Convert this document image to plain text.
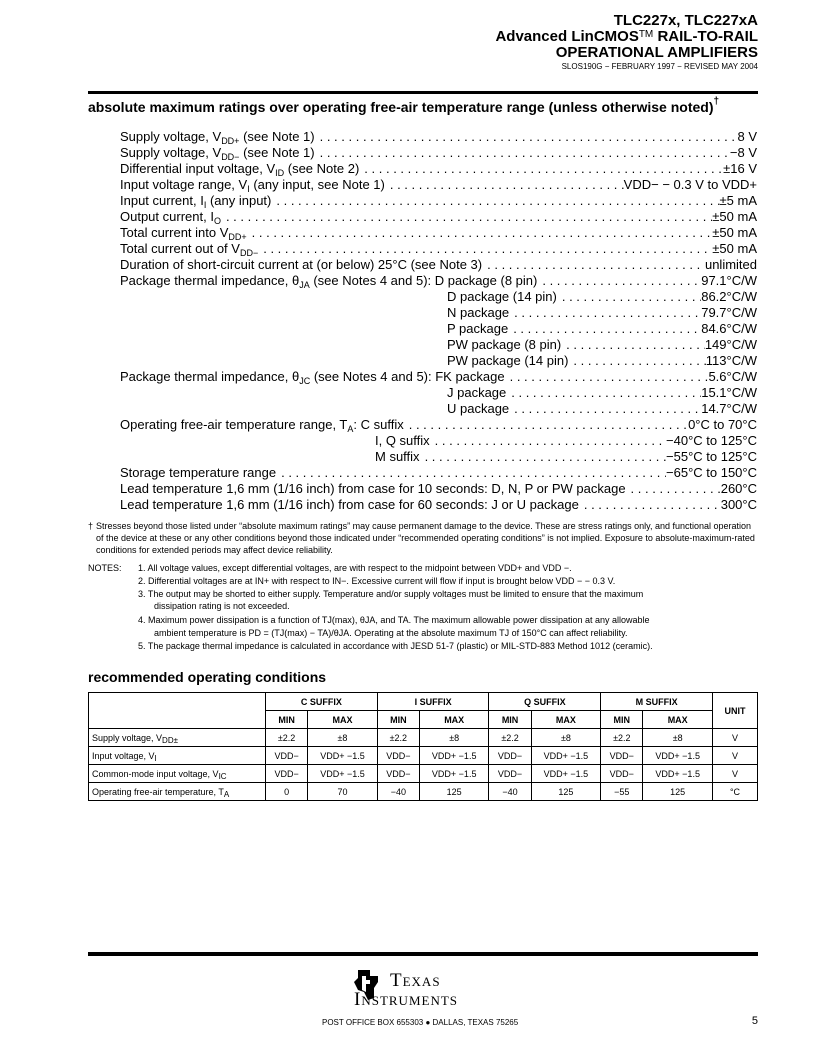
TLC227x, TLC227xA
Advanced LinCMOS™ RAIL-TO-RAIL
OPERATIONAL AMPLIFIERS
SLOS190G − FEBRUARY 1997 − REVISED MAY 2004
absolute maximum ratings over operating free-air temperature range (unless otherwise noted)†
Supply voltage, $V_{DD+}$ (see Note 1) . . .	8 V
Supply voltage, $V_{DD-}$ (see Note 1) . . .	−8 V
Differential input voltage, $V_{ID}$ (see Note 2) . . .	±16 V
Input voltage range, $V_I$ (any input, see Note 1) . . .	VDD− − 0.3 V to VDD+
Input current, $I_I$ (any input) . . .	±5 mA
Output current, $I_O$ . . .	±50 mA
Total current into $V_{DD+}$ . . .	±50 mA
Total current out of $V_{DD-}$ . . .	±50 mA
Duration of short-circuit current at (or below) 25°C (see Note 3) . . .	unlimited
Package thermal impedance, $\theta_{JA}$ (see Notes 4 and 5): D package (8 pin) . . .	97.1°C/W
D package (14 pin) . . .	86.2°C/W
N package . . .	79.7°C/W
P package . . .	84.6°C/W
PW package (8 pin) . . .	149°C/W
PW package (14 pin) . . .	113°C/W
Package thermal impedance, $\theta_{JC}$ (see Notes 4 and 5): FK package . . .	5.6°C/W
J package . . .	15.1°C/W
U package . . .	14.7°C/W
Operating free-air temperature range, $T_A$: C suffix . . .	0°C to 70°C
I, Q suffix . . .	−40°C to 125°C
M suffix . . .	−55°C to 125°C
Storage temperature range . . .	−65°C to 150°C
Lead temperature 1,6 mm (1/16 inch) from case for 10 seconds: D, N, P or PW package . . .	260°C
Lead temperature 1,6 mm (1/16 inch) from case for 60 seconds: J or U package . . .	300°C
† Stresses beyond those listed under “absolute maximum ratings” may cause permanent damage to the device. These are stress ratings only, and functional operation of the device at these or any other conditions beyond those indicated under “recommended operating conditions” is not implied. Exposure to absolute-maximum-rated conditions for extended periods may affect device reliability.
NOTES: 1. All voltage values, except differential voltages, are with respect to the midpoint between VDD+ and VDD −.
2. Differential voltages are at IN+ with respect to IN−. Excessive current will flow if input is brought below VDD − − 0.3 V.
3. The output may be shorted to either supply. Temperature and/or supply voltages must be limited to ensure that the maximum
dissipation rating is not exceeded.
4. Maximum power dissipation is a function of TJ(max), θJA, and TA. The maximum allowable power dissipation at any allowable
ambient temperature is PD = (TJ(max) − TA)/θJA. Operating at the absolute maximum TJ of 150°C can affect reliability.
5. The package thermal impedance is calculated in accordance with JESD 51-7 (plastic) or MIL-STD-883 Method 1012 (ceramic).
recommended operating conditions
	C SUFFIX		I SUFFIX		Q SUFFIX		M SUFFIX		UNIT
	MIN	MAX	MIN	MAX	MIN	MAX	MIN	MAX	
Supply voltage, VDD±	±2.2	±8	±2.2	±8	±2.2	±8	±2.2	±8	V
Input voltage, VI	VDD−	VDD+ −1.5	VDD−	VDD+ −1.5	VDD−	VDD+ −1.5	VDD−	VDD+ −1.5	V
Common-mode input voltage, VIC	VDD−	VDD+ −1.5	VDD−	VDD+ −1.5	VDD−	VDD+ −1.5	VDD−	VDD+ −1.5	V
Operating free-air temperature, TA	0	70	−40	125	−40	125	−55	125	°C
Texas
Instruments
POST OFFICE BOX 655303 ● DALLAS, TEXAS 75265	5
